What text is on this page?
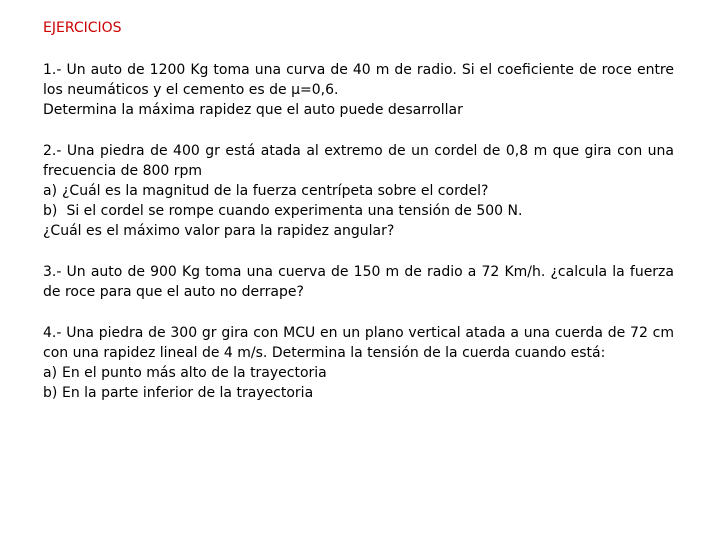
EJERCICIOS

1.- Un auto de 1200 Kg toma una curva de 40 m de radio. Si el coeficiente de roce entre los neumáticos y el cemento es de μ=0,6.

Determina la máxima rapidez que el auto puede desarrollar

2.- Una piedra de 400 gr está atada al extremo de un cordel de 0,8 m que gira con una frecuencia de 800 rpm

a) ¿Cuál es la magnitud de la fuerza centrípeta sobre el cordel?

b) Si el cordel se rompe cuando experimenta una tensión de 500 N.

¿Cuál es el máximo valor para la rapidez angular?

3.- Un auto de 900 Kg toma una cuerva de 150 m de radio a 72 Km/h. ¿calcula la fuerza de roce para que el auto no derrape?

4.- Una piedra de 300 gr gira con MCU en un plano vertical atada a una cuerda de 72 cm con una rapidez lineal de 4 m/s. Determina la tensión de la cuerda cuando está:

a) En el punto más alto de la trayectoria

b) En la parte inferior de la trayectoria
